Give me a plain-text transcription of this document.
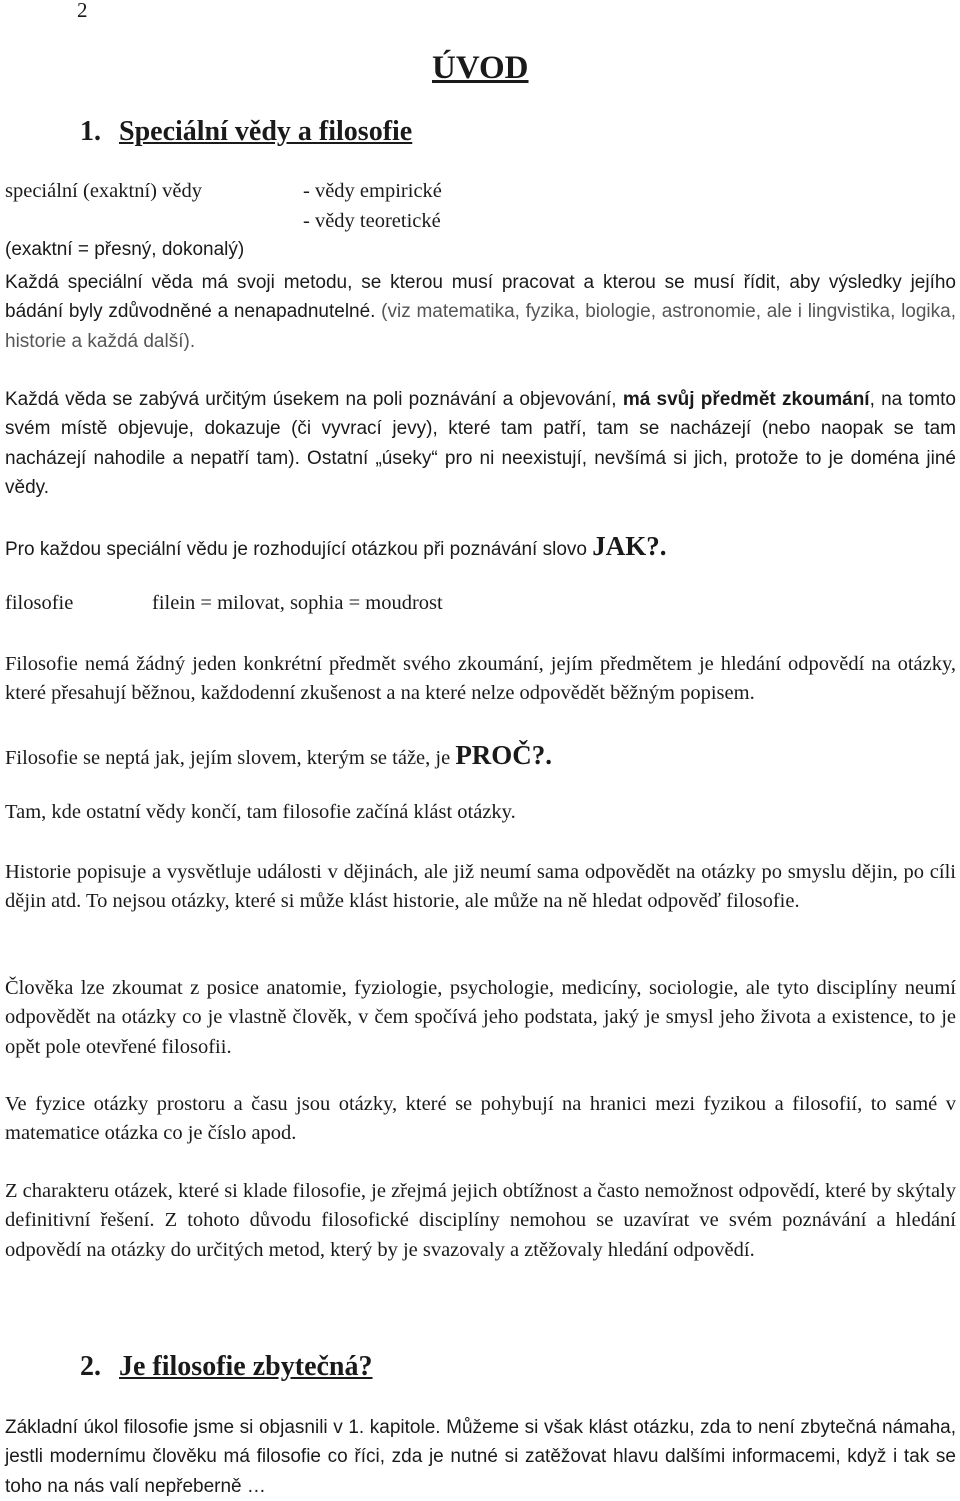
2
ÚVOD
1. Speciální vědy a filosofie
speciální (exaktní) vědy	- vědy empirické
- vědy teoretické
(exaktní = přesný, dokonalý)

Každá speciální věda má svoji metodu, se kterou musí pracovat a kterou se musí řídit, aby výsledky jejího bádání byly zdůvodněné a nenapadnutelné. (viz matematika, fyzika, biologie, astronomie, ale i lingvistika, logika, historie a každá další).

Každá věda se zabývá určitým úsekem na poli poznávání a objevování, má svůj předmět zkoumání, na tomto svém místě objevuje, dokazuje (či vyvrací jevy), které tam patří, tam se nacházejí (nebo naopak se tam nacházejí nahodile a nepatří tam). Ostatní „úseky“ pro ni neexistují, nevšímá si jich, protože to je doména jiné vědy.

Pro každou speciální vědu je rozhodující otázkou při poznávání slovo JAK?.
filosofie	filein = milovat, sophia = moudrost

Filosofie nemá žádný jeden konkrétní předmět svého zkoumání, jejím předmětem je hledání odpovědí na otázky, které přesahují běžnou, každodenní zkušenost a na které nelze odpovědět běžným popisem.

Filosofie se neptá jak, jejím slovem, kterým se táže, je PROČ?.
Tam, kde ostatní vědy končí, tam filosofie začíná klást otázky.

Historie popisuje a vysvětluje události v dějinách, ale již neumí sama odpovědět na otázky po smyslu dějin, po cíli dějin atd. To nejsou otázky, které si může klást historie, ale může na ně hledat odpověď filosofie.

Člověka lze zkoumat z posice anatomie, fyziologie, psychologie, medicíny, sociologie, ale tyto disciplíny neumí odpovědět na otázky co je vlastně člověk, v čem spočívá jeho podstata, jaký je smysl jeho života a existence, to je opět pole otevřené filosofii.

Ve fyzice otázky prostoru a času jsou otázky, které se pohybují na hranici mezi fyzikou a filosofií, to samé v matematice otázka co je číslo apod.

Z charakteru otázek, které si klade filosofie, je zřejmá jejich obtížnost a často nemožnost odpovědí, které by skýtaly definitivní řešení. Z tohoto důvodu filosofické disciplíny nemohou se uzavírat ve svém poznávání a hledání odpovědí na otázky do určitých metod, který by je svazovaly a ztěžovaly hledání odpovědí.

2. Je filosofie zbytečná?

Základní úkol filosofie jsme si objasnili v 1. kapitole. Můžeme si však klást otázku, zda to není zbytečná námaha, jestli modernímu člověku má filosofie co říci, zda je nutné si zatěžovat hlavu dalšími informacemi, když i tak se toho na nás valí nepřeberně …
